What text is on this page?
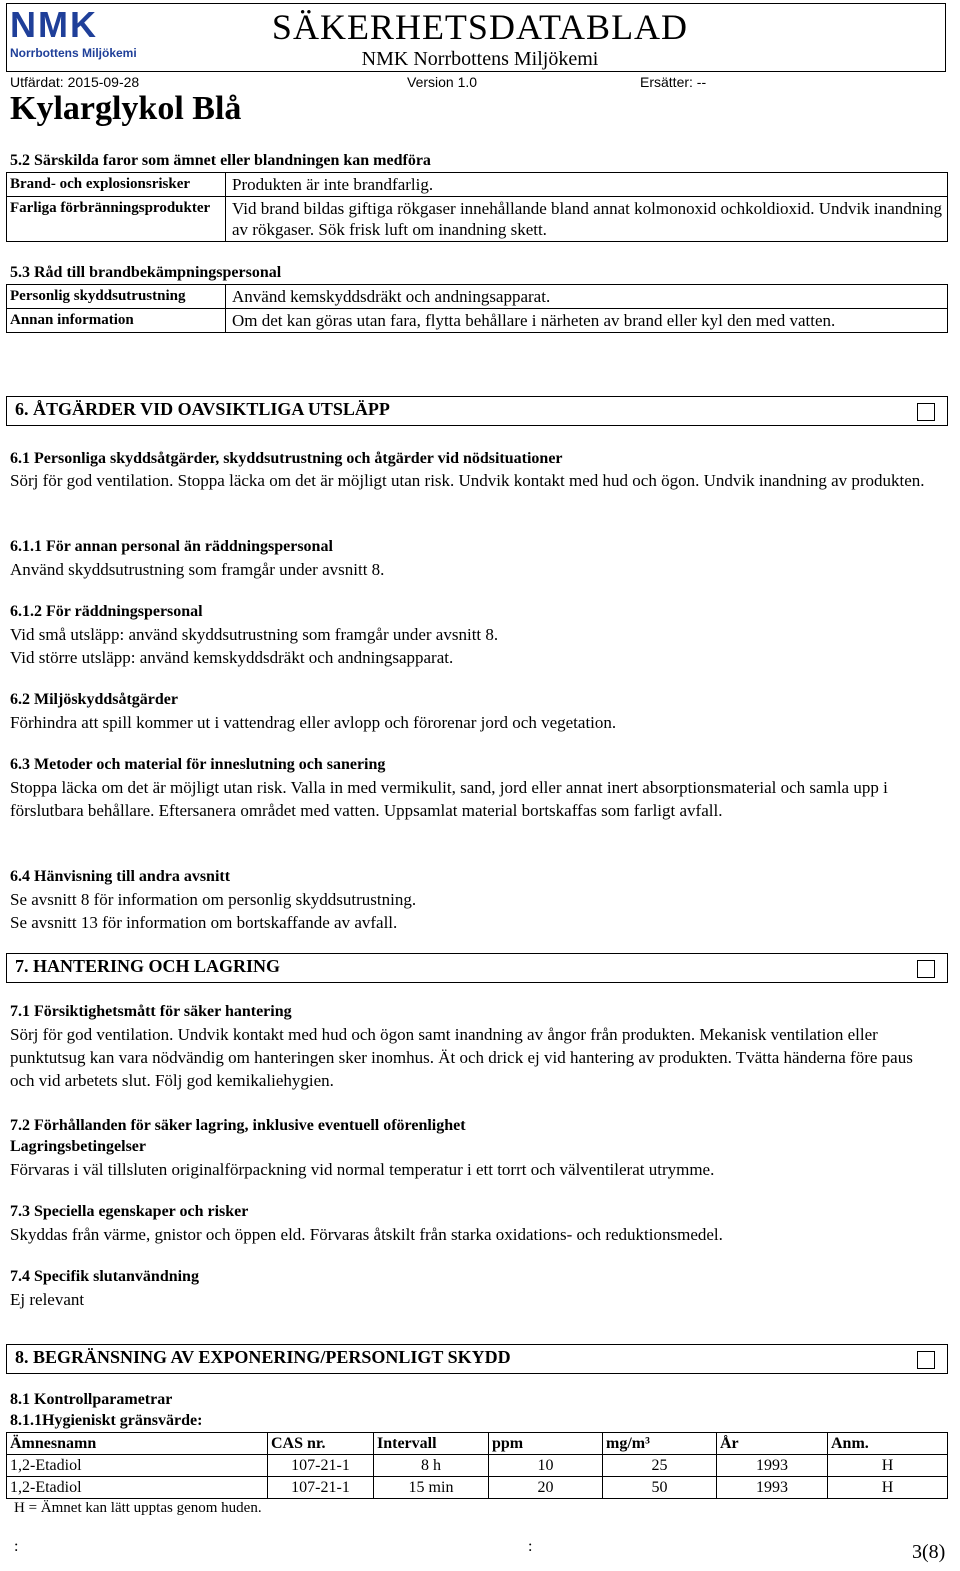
NMK
Norrbottens Miljökemi
SÄKERHETSDATABLAD
NMK Norrbottens Miljökemi
Utfärdat: 2015-09-28	Version 1.0	Ersätter: --
Kylarglykol Blå
5.2 Särskilda faror som ämnet eller blandningen kan medföra
Brand- och explosionsrisker	Produkten är inte brandfarlig.
Farliga förbränningsprodukter	Vid brand bildas giftiga rökgaser innehållande bland annat kolmonoxid ochkoldioxid. Undvik inandning av rökgaser. Sök frisk luft om inandning skett.
5.3 Råd till brandbekämpningspersonal
Personlig skyddsutrustning	Använd kemskyddsdräkt och andningsapparat.
Annan information	Om det kan göras utan fara, flytta behållare i närheten av brand eller kyl den med vatten.
6. ÅTGÄRDER VID OAVSIKTLIGA UTSLÄPP
6.1 Personliga skyddsåtgärder, skyddsutrustning och åtgärder vid nödsituationer
Sörj för god ventilation. Stoppa läcka om det är möjligt utan risk. Undvik kontakt med hud och ögon. Undvik inandning av produkten.
6.1.1 För annan personal än räddningspersonal
Använd skyddsutrustning som framgår under avsnitt 8.
6.1.2 För räddningspersonal
Vid små utsläpp: använd skyddsutrustning som framgår under avsnitt 8.
Vid större utsläpp: använd kemskyddsdräkt och andningsapparat.
6.2 Miljöskyddsåtgärder
Förhindra att spill kommer ut i vattendrag eller avlopp och förorenar jord och vegetation.
6.3 Metoder och material för inneslutning och sanering
Stoppa läcka om det är möjligt utan risk. Valla in med vermikulit, sand, jord eller annat inert absorptionsmaterial och samla upp i förslutbara behållare. Eftersanera området med vatten. Uppsamlat material bortskaffas som farligt avfall.
6.4 Hänvisning till andra avsnitt
Se avsnitt 8 för information om personlig skyddsutrustning.
Se avsnitt 13 för information om bortskaffande av avfall.
7. HANTERING OCH LAGRING
7.1 Försiktighetsmått för säker hantering
Sörj för god ventilation. Undvik kontakt med hud och ögon samt inandning av ångor från produkten. Mekanisk ventilation eller punktutsug kan vara nödvändig om hanteringen sker inomhus. Ät och drick ej vid hantering av produkten. Tvätta händerna före paus och vid arbetets slut. Följ god kemikaliehygien.
7.2 Förhållanden för säker lagring, inklusive eventuell oförenlighet
Lagringsbetingelser
Förvaras i väl tillsluten originalförpackning vid normal temperatur i ett torrt och välventilerat utrymme.
7.3 Speciella egenskaper och risker
Skyddas från värme, gnistor och öppen eld. Förvaras åtskilt från starka oxidations- och reduktionsmedel.
7.4 Specifik slutanvändning
Ej relevant
8. BEGRÄNSNING AV EXPONERING/PERSONLIGT SKYDD
8.1 Kontrollparametrar
8.1.1Hygieniskt gränsvärde:
Ämnesnamn	CAS nr.	Intervall	ppm	mg/m³	År	Anm.
1,2-Etadiol	107-21-1	8 h	10	25	1993	H
1,2-Etadiol	107-21-1	15 min	20	50	1993	H
H = Ämnet kan lätt upptas genom huden.
:	:	3(8)
